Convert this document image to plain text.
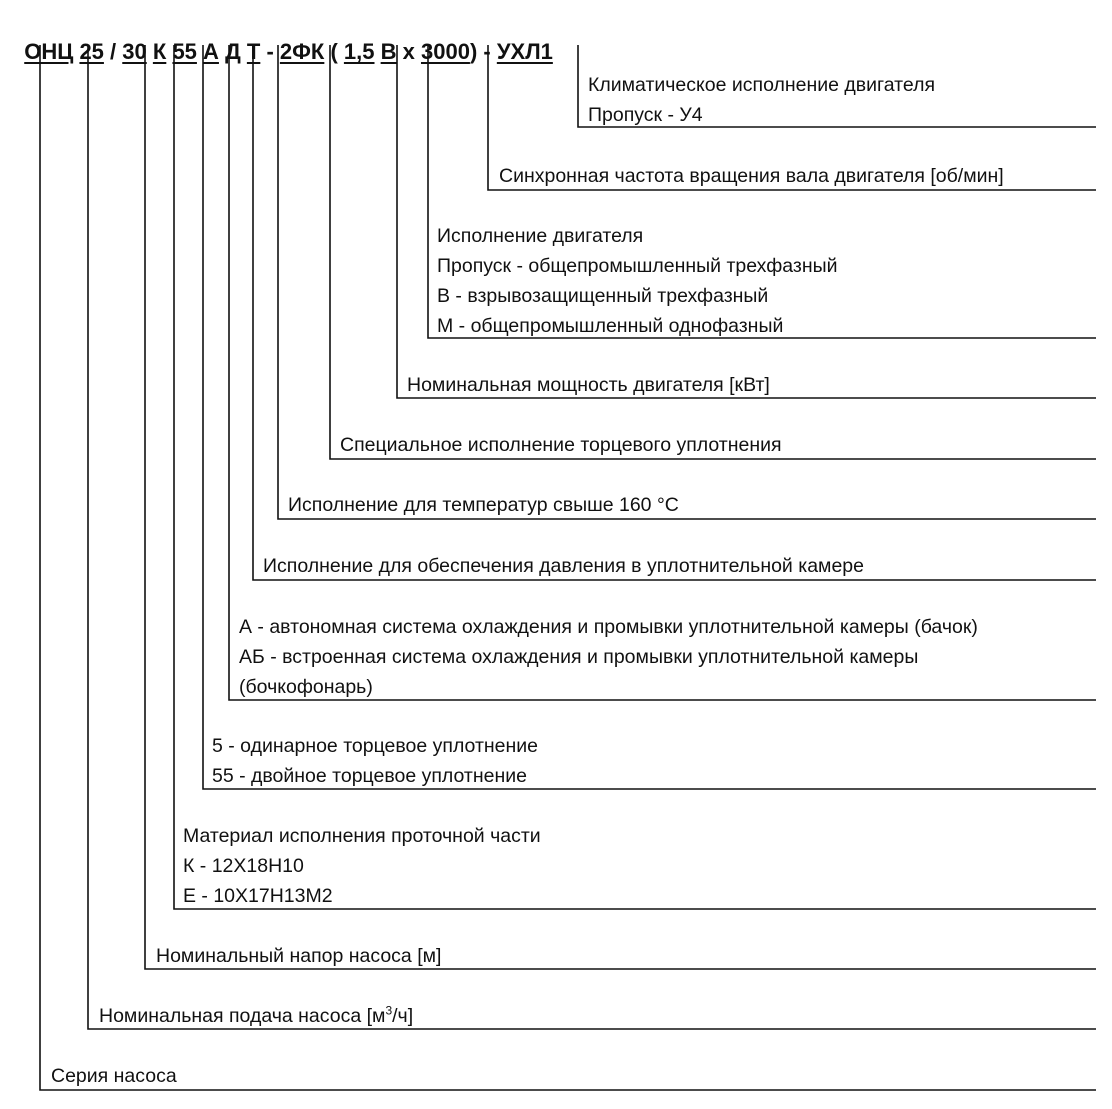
ОНЦ 25 / 30 К 55 А Д Т - 2ФК ( 1,5 В х 3000) - УХЛ1

Климатическое исполнение двигателя
Пропуск - У4
Синхронная частота вращения вала двигателя [об/мин]
Исполнение двигателя
Пропуск - общепромышленный трехфазный
В - взрывозащищенный трехфазный
М - общепромышленный однофазный
Номинальная мощность двигателя [кВт]
Специальное исполнение торцевого уплотнения
Исполнение для температур свыше 160 °С
Исполнение для обеспечения давления в уплотнительной камере
А - автономная система охлаждения и промывки уплотнительной камеры (бачок)
АБ - встроенная система охлаждения и промывки уплотнительной камеры
(бочкофонарь)
5 - одинарное торцевое уплотнение
55 - двойное торцевое уплотнение
Материал исполнения проточной части
К - 12Х18Н10
Е - 10Х17Н13М2
Номинальный напор насоса [м]
Номинальная подача насоса $[м^3/ч]$
Серия насоса
